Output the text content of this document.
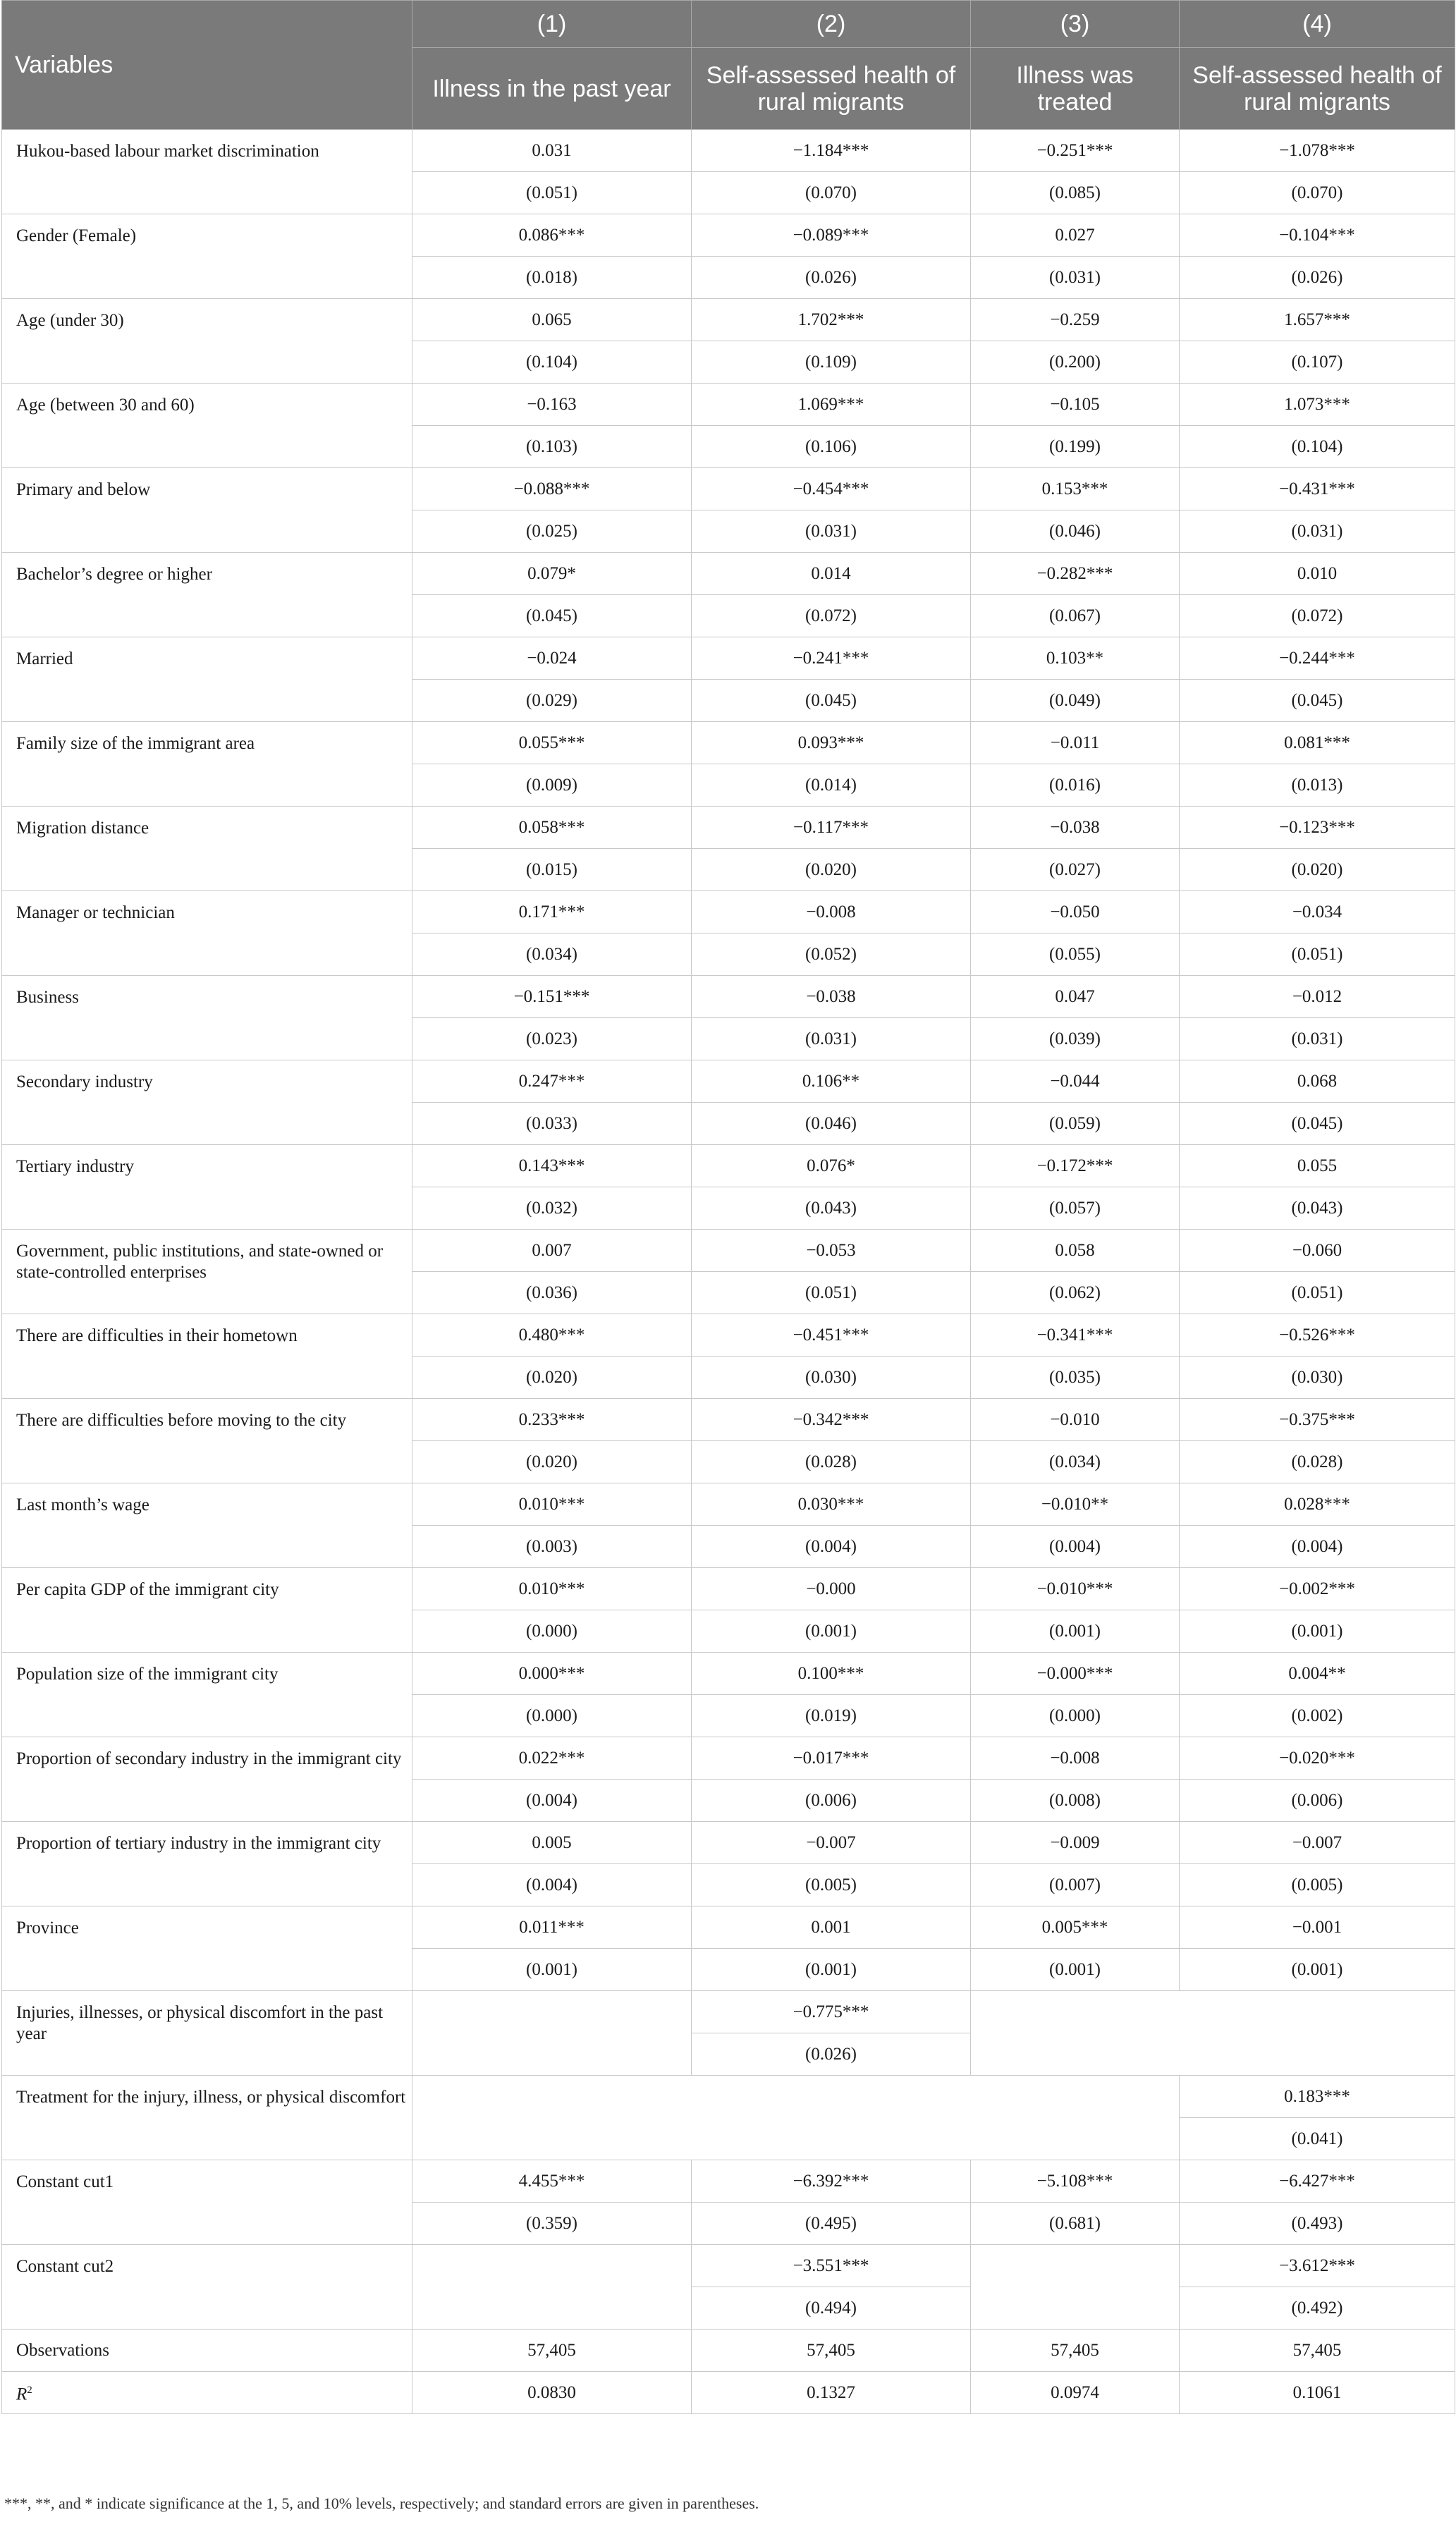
Variables	(1)	(2)	(3)	(4)
	Illness in the past year	Self-assessed health of rural migrants	Illness was treated	Self-assessed health of rural migrants
Hukou-based labour market discrimination	0.031	−1.184***	−0.251***	−1.078***
	(0.051)	(0.070)	(0.085)	(0.070)
Gender (Female)	0.086***	−0.089***	0.027	−0.104***
	(0.018)	(0.026)	(0.031)	(0.026)
Age (under 30)	0.065	1.702***	−0.259	1.657***
	(0.104)	(0.109)	(0.200)	(0.107)
Age (between 30 and 60)	−0.163	1.069***	−0.105	1.073***
	(0.103)	(0.106)	(0.199)	(0.104)
Primary and below	−0.088***	−0.454***	0.153***	−0.431***
	(0.025)	(0.031)	(0.046)	(0.031)
Bachelor’s degree or higher	0.079*	0.014	−0.282***	0.010
	(0.045)	(0.072)	(0.067)	(0.072)
Married	−0.024	−0.241***	0.103**	−0.244***
	(0.029)	(0.045)	(0.049)	(0.045)
Family size of the immigrant area	0.055***	0.093***	−0.011	0.081***
	(0.009)	(0.014)	(0.016)	(0.013)
Migration distance	0.058***	−0.117***	−0.038	−0.123***
	(0.015)	(0.020)	(0.027)	(0.020)
Manager or technician	0.171***	−0.008	−0.050	−0.034
	(0.034)	(0.052)	(0.055)	(0.051)
Business	−0.151***	−0.038	0.047	−0.012
	(0.023)	(0.031)	(0.039)	(0.031)
Secondary industry	0.247***	0.106**	−0.044	0.068
	(0.033)	(0.046)	(0.059)	(0.045)
Tertiary industry	0.143***	0.076*	−0.172***	0.055
	(0.032)	(0.043)	(0.057)	(0.043)
Government, public institutions, and state-owned or state-controlled enterprises	0.007	−0.053	0.058	−0.060
	(0.036)	(0.051)	(0.062)	(0.051)
There are difficulties in their hometown	0.480***	−0.451***	−0.341***	−0.526***
	(0.020)	(0.030)	(0.035)	(0.030)
There are difficulties before moving to the city	0.233***	−0.342***	−0.010	−0.375***
	(0.020)	(0.028)	(0.034)	(0.028)
Last month’s wage	0.010***	0.030***	−0.010**	0.028***
	(0.003)	(0.004)	(0.004)	(0.004)
Per capita GDP of the immigrant city	0.010***	−0.000	−0.010***	−0.002***
	(0.000)	(0.001)	(0.001)	(0.001)
Population size of the immigrant city	0.000***	0.100***	−0.000***	0.004**
	(0.000)	(0.019)	(0.000)	(0.002)
Proportion of secondary industry in the immigrant city	0.022***	−0.017***	−0.008	−0.020***
	(0.004)	(0.006)	(0.008)	(0.006)
Proportion of tertiary industry in the immigrant city	0.005	−0.007	−0.009	−0.007
	(0.004)	(0.005)	(0.007)	(0.005)
Province	0.011***	0.001	0.005***	−0.001
	(0.001)	(0.001)	(0.001)	(0.001)
Injuries, illnesses, or physical discomfort in the past year		−0.775***		
		(0.026)		
Treatment for the injury, illness, or physical discomfort				0.183***
				(0.041)
Constant cut1	4.455***	−6.392***	−5.108***	−6.427***
	(0.359)	(0.495)	(0.681)	(0.493)
Constant cut2		−3.551***		−3.612***
		(0.494)		(0.492)
Observations	57,405	57,405	57,405	57,405
$R^2$	0.0830	0.1327	0.0974	0.1061
***, **, and * indicate significance at the 1, 5, and 10% levels, respectively; and standard errors are given in parentheses.
